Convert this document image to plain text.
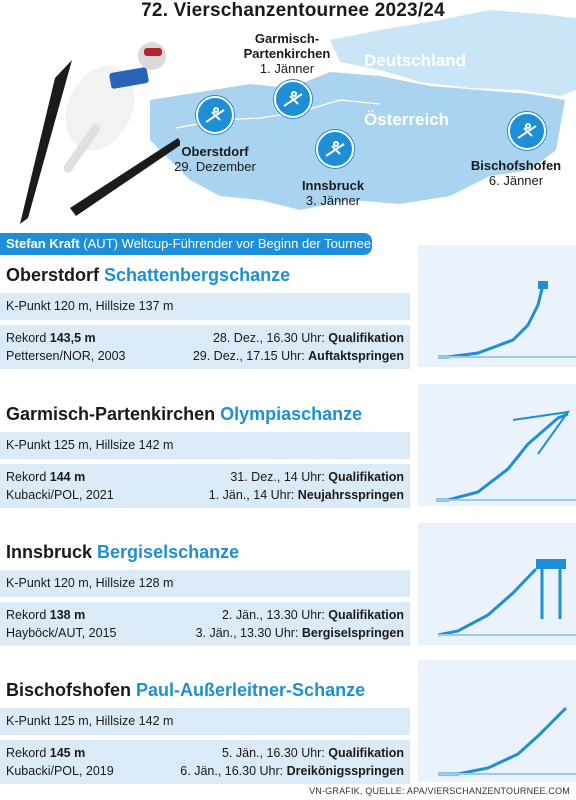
72. Vierschanzentournee 2023/24
Deutschland
Österreich
Oberstdorf
29. Dezember
Garmisch-
Partenkirchen
1. Jänner
Innsbruck
3. Jänner
Bischofshofen
6. Jänner
Stefan Kraft (AUT) Weltcup-Führender vor Beginn der Tournee
Oberstdorf Schattenbergschanze
K-Punkt 120 m, Hillsize 137 m
Rekord 143,5 m	28. Dez., 16.30 Uhr: Qualifikation
Pettersen/NOR, 2003	29. Dez., 17.15 Uhr: Auftaktspringen
Garmisch-Partenkirchen Olympiaschanze
K-Punkt 125 m, Hillsize 142 m
Rekord 144 m	31. Dez., 14 Uhr: Qualifikation
Kubacki/POL, 2021	1. Jän., 14 Uhr: Neujahrsspringen
Innsbruck Bergiselschanze
K-Punkt 120 m, Hillsize 128 m
Rekord 138 m	2. Jän., 13.30 Uhr: Qualifikation
Hayböck/AUT, 2015	3. Jän., 13.30 Uhr: Bergiselspringen
Bischofshofen Paul-Außerleitner-Schanze
K-Punkt 125 m, Hillsize 142 m
Rekord 145 m	5. Jän., 16.30 Uhr: Qualifikation
Kubacki/POL, 2019	6. Jän., 16.30 Uhr: Dreikönigsspringen
VN-GRAFIK, QUELLE: APA/VIERSCHANZENTOURNEE.COM
